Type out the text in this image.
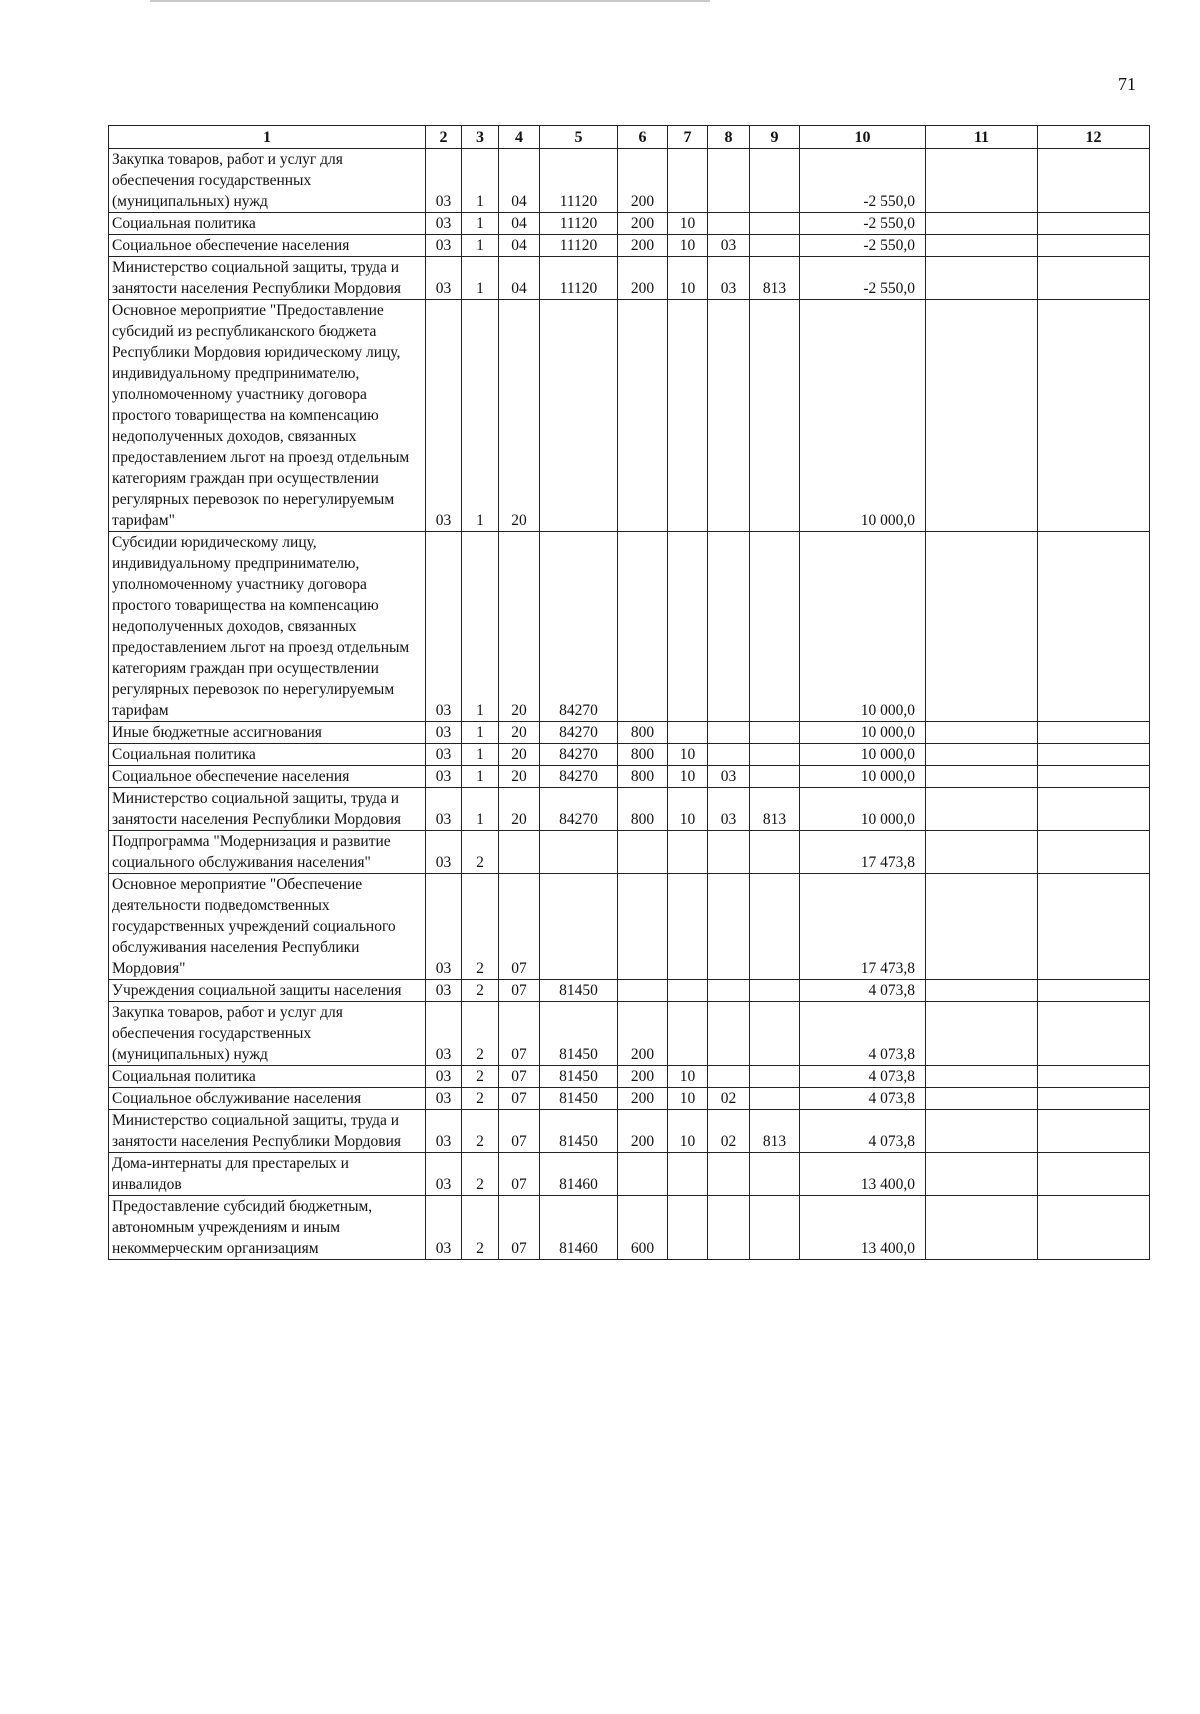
71
1	2	3	4	5	6	7	8	9	10	11	12
Закупка товаров, работ и услуг для обеспечения государственных (муниципальных) нужд	03	1	04	11120	200				-2 550,0		
Социальная политика	03	1	04	11120	200	10			-2 550,0		
Социальное обеспечение населения	03	1	04	11120	200	10	03		-2 550,0		
Министерство социальной защиты, труда и занятости населения Республики Мордовия	03	1	04	11120	200	10	03	813	-2 550,0		
Основное мероприятие "Предоставление субсидий из республиканского бюджета Республики Мордовия юридическому лицу, индивидуальному предпринимателю, уполномоченному участнику договора простого товарищества на компенсацию недополученных доходов, связанных предоставлением льгот на проезд отдельным категориям граждан при осуществлении регулярных перевозок по нерегулируемым тарифам"	03	1	20						10 000,0		
Субсидии юридическому лицу, индивидуальному предпринимателю, уполномоченному участнику договора простого товарищества на компенсацию недополученных доходов, связанных предоставлением льгот на проезд отдельным категориям граждан при осуществлении регулярных перевозок по нерегулируемым тарифам	03	1	20	84270					10 000,0		
Иные бюджетные ассигнования	03	1	20	84270	800				10 000,0		
Социальная политика	03	1	20	84270	800	10			10 000,0		
Социальное обеспечение населения	03	1	20	84270	800	10	03		10 000,0		
Министерство социальной защиты, труда и занятости населения Республики Мордовия	03	1	20	84270	800	10	03	813	10 000,0		
Подпрограмма "Модернизация и развитие социального обслуживания населения"	03	2							17 473,8		
Основное мероприятие "Обеспечение деятельности подведомственных государственных учреждений социального обслуживания населения Республики Мордовия"	03	2	07						17 473,8		
Учреждения социальной защиты населения	03	2	07	81450					4 073,8		
Закупка товаров, работ и услуг для обеспечения государственных (муниципальных) нужд	03	2	07	81450	200				4 073,8		
Социальная политика	03	2	07	81450	200	10			4 073,8		
Социальное обслуживание населения	03	2	07	81450	200	10	02		4 073,8		
Министерство социальной защиты, труда и занятости населения Республики Мордовия	03	2	07	81450	200	10	02	813	4 073,8		
Дома-интернаты для престарелых и инвалидов	03	2	07	81460					13 400,0		
Предоставление субсидий бюджетным, автономным учреждениям и иным некоммерческим организациям	03	2	07	81460	600				13 400,0		
